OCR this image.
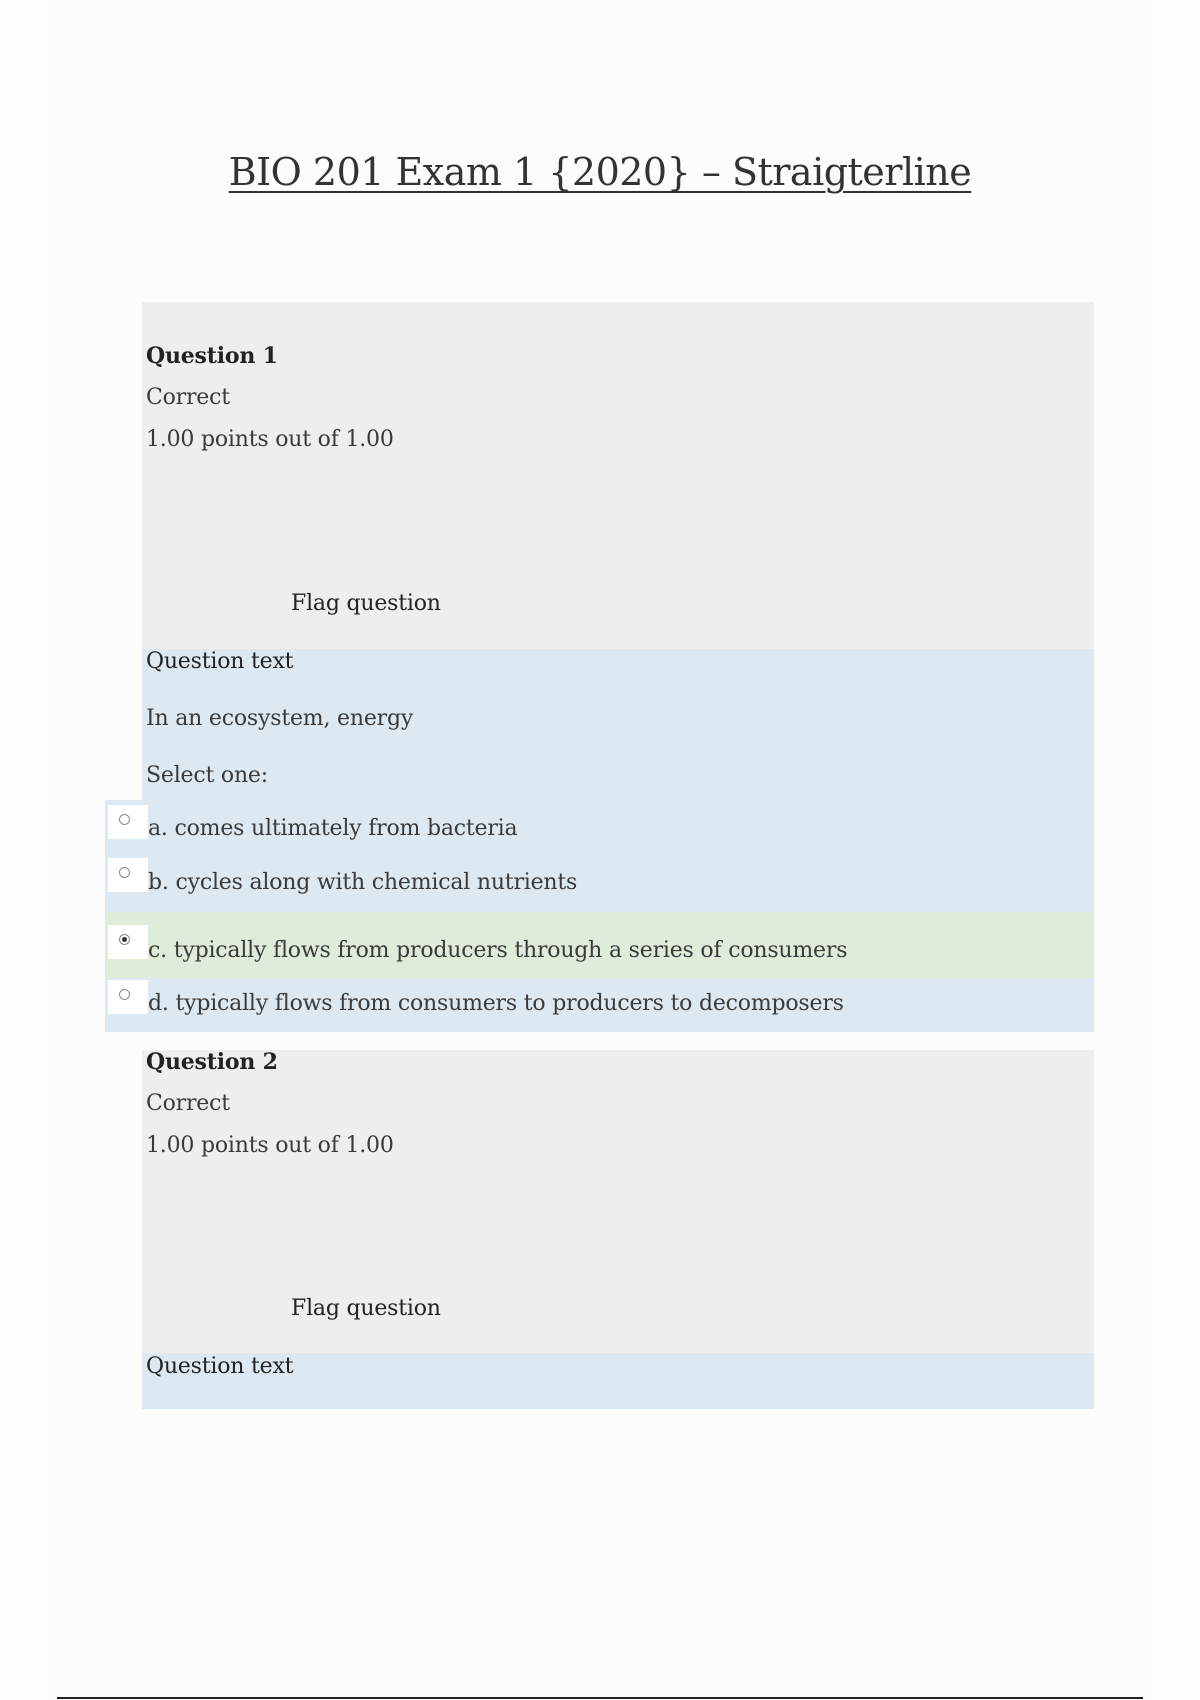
BIO 201 Exam 1 {2020} – Straigterline
Question 1
Correct
1.00 points out of 1.00
Flag question
Question text
In an ecosystem, energy
Select one:
a. comes ultimately from bacteria
b. cycles along with chemical nutrients
c. typically flows from producers through a series of consumers
d. typically flows from consumers to producers to decomposers
Question 2
Correct
1.00 points out of 1.00
Flag question
Question text
